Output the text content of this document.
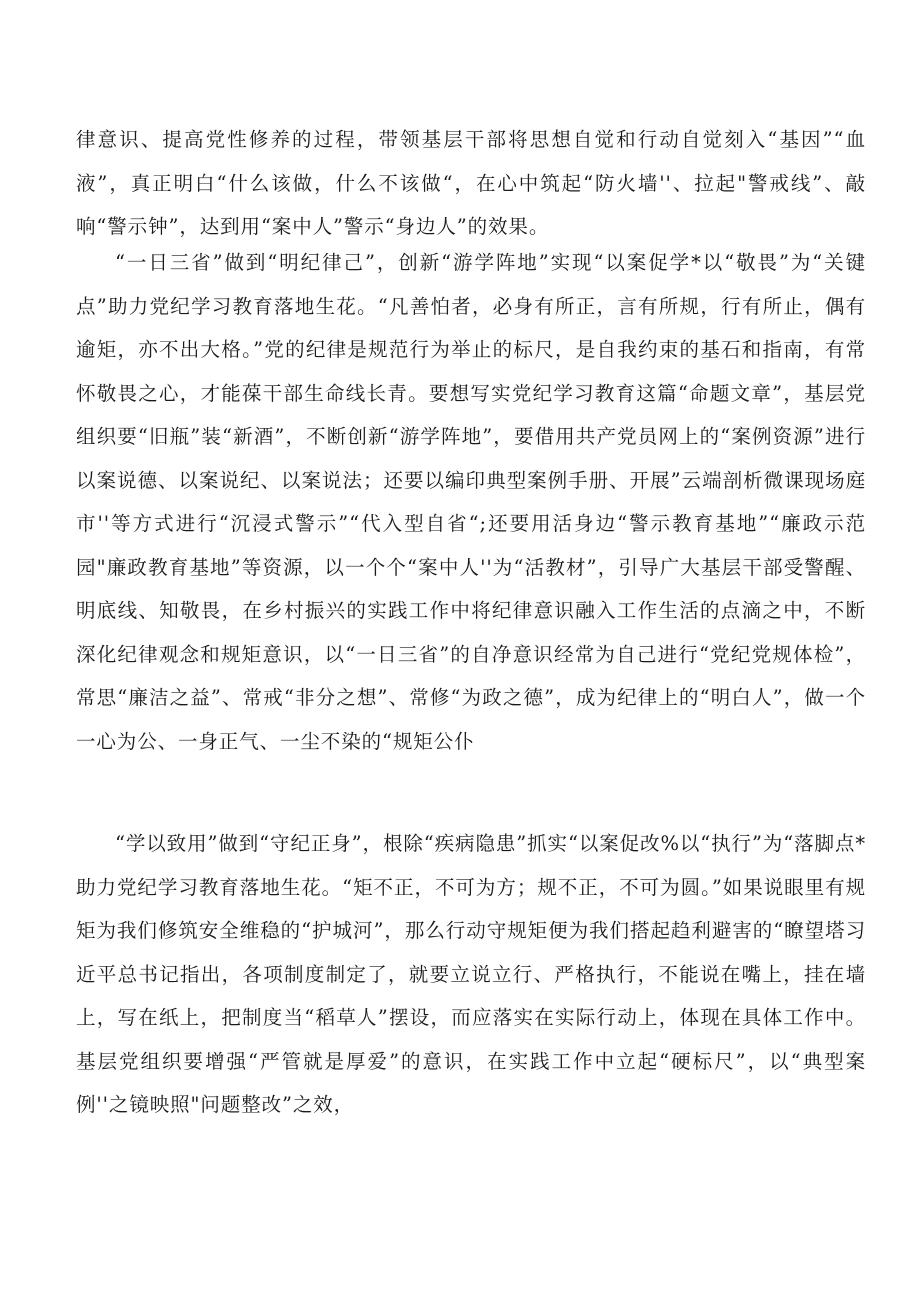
律意识、提高党性修养的过程，带领基层干部将思想自觉和行动自觉刻入“基因”“血液”，真正明白“什么该做，什么不该做“，在心中筑起“防火墙''、拉起"警戒线”、敲响“警示钟”，达到用“案中人”警示“身边人”的效果。

“一日三省”做到“明纪律己”，创新“游学阵地”实现“以案促学*以“敬畏”为“关键点”助力党纪学习教育落地生花。“凡善怕者，必身有所正，言有所规，行有所止，偶有逾矩，亦不出大格。”党的纪律是规范行为举止的标尺，是自我约束的基石和指南，有常怀敬畏之心，才能葆干部生命线长青。要想写实党纪学习教育这篇“命题文章”，基层党组织要“旧瓶”装“新酒”，不断创新“游学阵地”，要借用共产党员网上的“案例资源”进行以案说德、以案说纪、以案说法；还要以编印典型案例手册、开展”云端剖析微课现场庭市''等方式进行“沉浸式警示”“代入型自省“;还要用活身边“警示教育基地”“廉政示范园"廉政教育基地”等资源，以一个个“案中人''为“活教材”，引导广大基层干部受警醒、明底线、知敬畏，在乡村振兴的实践工作中将纪律意识融入工作生活的点滴之中，不断深化纪律观念和规矩意识，以“一日三省”的自净意识经常为自己进行“党纪党规体检”，常思“廉洁之益”、常戒“非分之想”、常修“为政之德”，成为纪律上的“明白人”，做一个一心为公、一身正气、一尘不染的“规矩公仆

“学以致用”做到“守纪正身”，根除“疾病隐患”抓实“以案促改%以“执行”为“落脚点*助力党纪学习教育落地生花。“矩不正，不可为方；规不正，不可为圆。”如果说眼里有规矩为我们修筑安全维稳的“护城河”，那么行动守规矩便为我们搭起趋利避害的“瞭望塔习近平总书记指出，各项制度制定了，就要立说立行、严格执行，不能说在嘴上，挂在墙上，写在纸上，把制度当“稻草人”摆设，而应落实在实际行动上，体现在具体工作中。基层党组织要增强“严管就是厚爱”的意识，在实践工作中立起“硬标尺”，以“典型案例''之镜映照"问题整改”之效，
